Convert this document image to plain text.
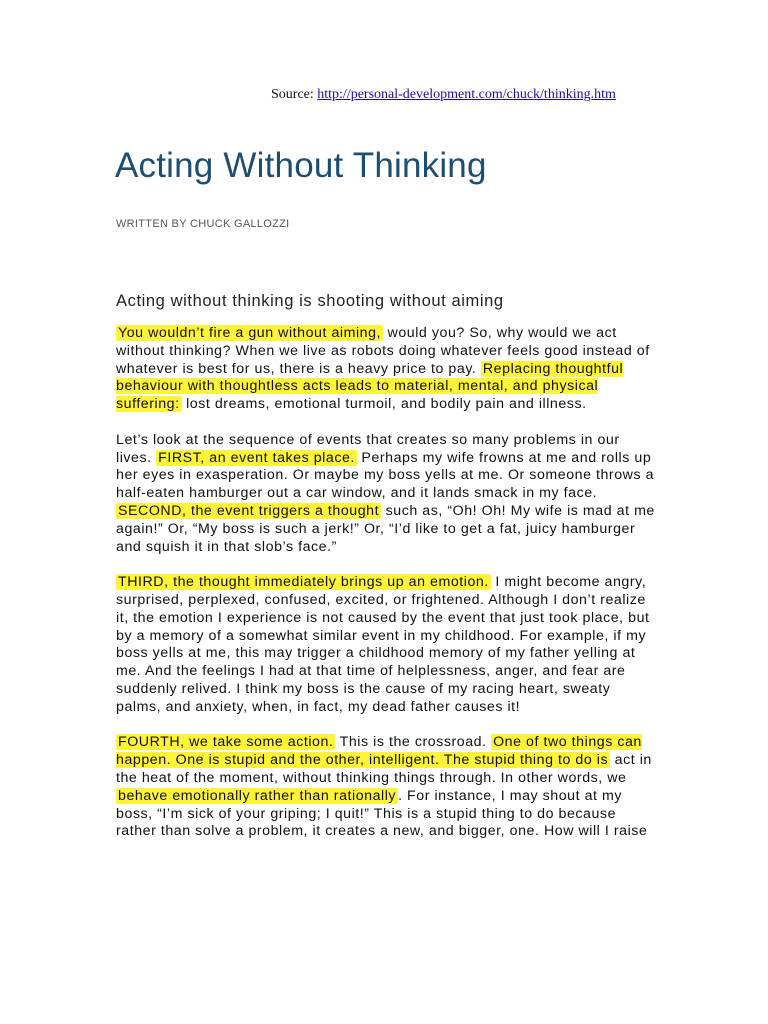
Source: http://personal-development.com/chuck/thinking.htm
Acting Without Thinking
WRITTEN BY CHUCK GALLOZZI
Acting without thinking is shooting without aiming

You wouldn’t fire a gun without aiming, would you? So, why would we act without thinking? When we live as robots doing whatever feels good instead of whatever is best for us, there is a heavy price to pay. Replacing thoughtful behaviour with thoughtless acts leads to material, mental, and physical suffering: lost dreams, emotional turmoil, and bodily pain and illness.

Let’s look at the sequence of events that creates so many problems in our lives. FIRST, an event takes place. Perhaps my wife frowns at me and rolls up her eyes in exasperation. Or maybe my boss yells at me. Or someone throws a half-eaten hamburger out a car window, and it lands smack in my face. SECOND, the event triggers a thought such as, “Oh! Oh! My wife is mad at me again!” Or, “My boss is such a jerk!” Or, “I’d like to get a fat, juicy hamburger and squish it in that slob’s face.”

THIRD, the thought immediately brings up an emotion. I might become angry, surprised, perplexed, confused, excited, or frightened. Although I don’t realize it, the emotion I experience is not caused by the event that just took place, but by a memory of a somewhat similar event in my childhood. For example, if my boss yells at me, this may trigger a childhood memory of my father yelling at me. And the feelings I had at that time of helplessness, anger, and fear are suddenly relived. I think my boss is the cause of my racing heart, sweaty palms, and anxiety, when, in fact, my dead father causes it!

FOURTH, we take some action. This is the crossroad. One of two things can happen. One is stupid and the other, intelligent. The stupid thing to do is act in the heat of the moment, without thinking things through. In other words, we behave emotionally rather than rationally . For instance, I may shout at my boss, “I’m sick of your griping; I quit!” This is a stupid thing to do because rather than solve a problem, it creates a new, and bigger, one. How will I raise
